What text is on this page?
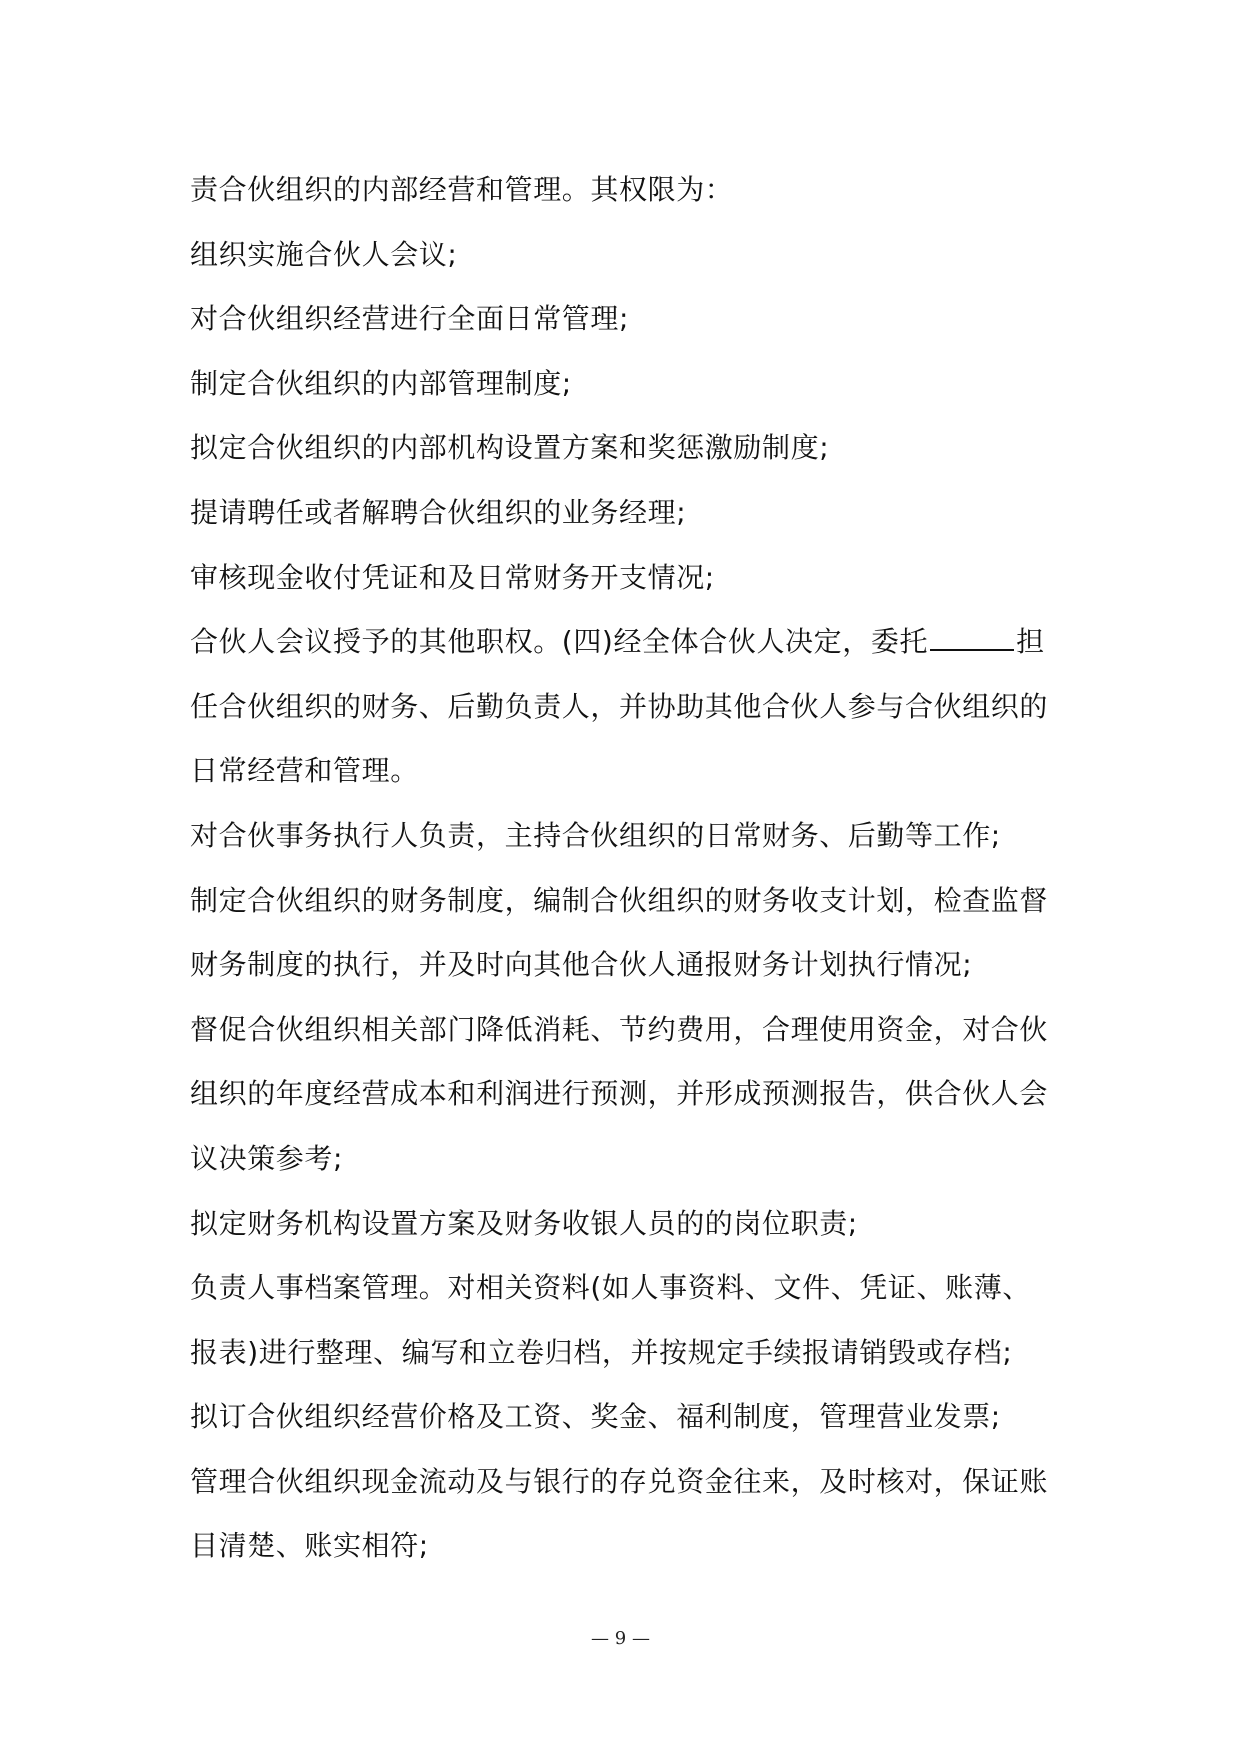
责合伙组织的内部经营和管理。其权限为：
组织实施合伙人会议;
对合伙组织经营进行全面日常管理;
制定合伙组织的内部管理制度;
拟定合伙组织的内部机构设置方案和奖惩激励制度;
提请聘任或者解聘合伙组织的业务经理;
审核现金收付凭证和及日常财务开支情况;
合伙人会议授予的其他职权。(四)经全体合伙人决定，委托	担
任合伙组织的财务、后勤负责人，并协助其他合伙人参与合伙组织的
日常经营和管理。
对合伙事务执行人负责，主持合伙组织的日常财务、后勤等工作;
制定合伙组织的财务制度，编制合伙组织的财务收支计划，检查监督
财务制度的执行，并及时向其他合伙人通报财务计划执行情况;
督促合伙组织相关部门降低消耗、节约费用，合理使用资金，对合伙
组织的年度经营成本和利润进行预测，并形成预测报告，供合伙人会
议决策参考;
拟定财务机构设置方案及财务收银人员的的岗位职责;
负责人事档案管理。对相关资料(如人事资料、文件、凭证、账薄、
报表)进行整理、编写和立卷归档，并按规定手续报请销毁或存档;
拟订合伙组织经营价格及工资、奖金、福利制度，管理营业发票;
管理合伙组织现金流动及与银行的存兑资金往来，及时核对，保证账
目清楚、账实相符;
— 9 —
